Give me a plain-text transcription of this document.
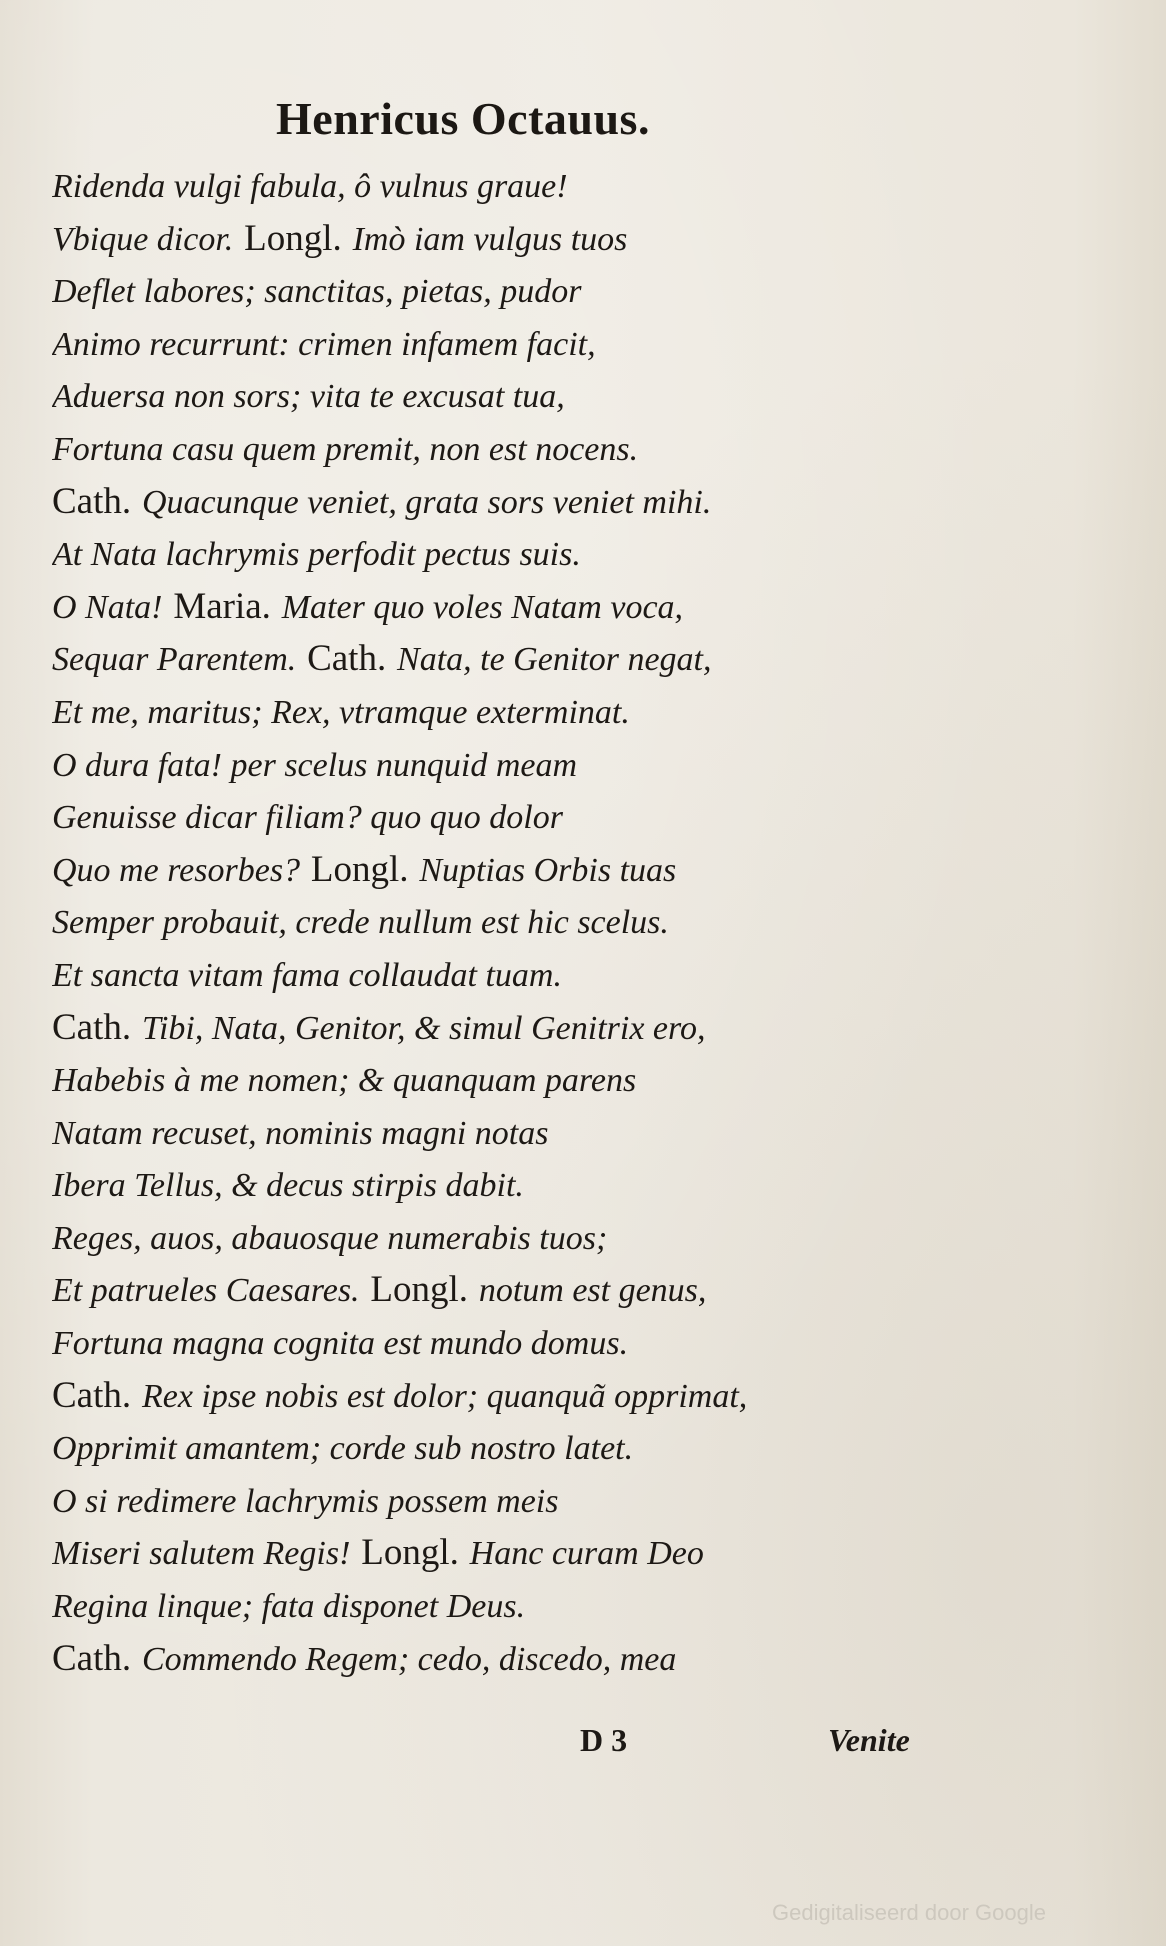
Henricus Octauus.
Ridenda vulgi fabula, ô vulnus graue!
Vbique dicor. Longl. Imò iam vulgus tuos
Deflet labores; sanctitas, pietas, pudor
Animo recurrunt: crimen infamem facit,
Aduersa non sors; vita te excusat tua,
Fortuna casu quem premit, non est nocens.
Cath. Quacunque veniet, grata sors veniet mihi.
At Nata lachrymis perfodit pectus suis.
O Nata! Maria. Mater quo voles Natam voca,
Sequar Parentem. Cath. Nata, te Genitor negat,
Et me, maritus; Rex, vtramque exterminat.
O dura fata! per scelus nunquid meam
Genuisse dicar filiam? quo quo dolor
Quo me resorbes? Longl. Nuptias Orbis tuas
Semper probauit, crede nullum est hic scelus.
Et sancta vitam fama collaudat tuam.
Cath. Tibi, Nata, Genitor, & simul Genitrix ero,
Habebis à me nomen; & quanquam parens
Natam recuset, nominis magni notas
Ibera Tellus, & decus stirpis dabit.
Reges, auos, abauosque numerabis tuos;
Et patrueles Caesares. Longl. notum est genus,
Fortuna magna cognita est mundo domus.
Cath. Rex ipse nobis est dolor; quanquã opprimat,
Opprimit amantem; corde sub nostro latet.
O si redimere lachrymis possem meis
Miseri salutem Regis! Longl. Hanc curam Deo
Regina linque; fata disponet Deus.
Cath. Commendo Regem; cedo, discedo, mea
D 3	Venite
Gedigitaliseerd door Google
